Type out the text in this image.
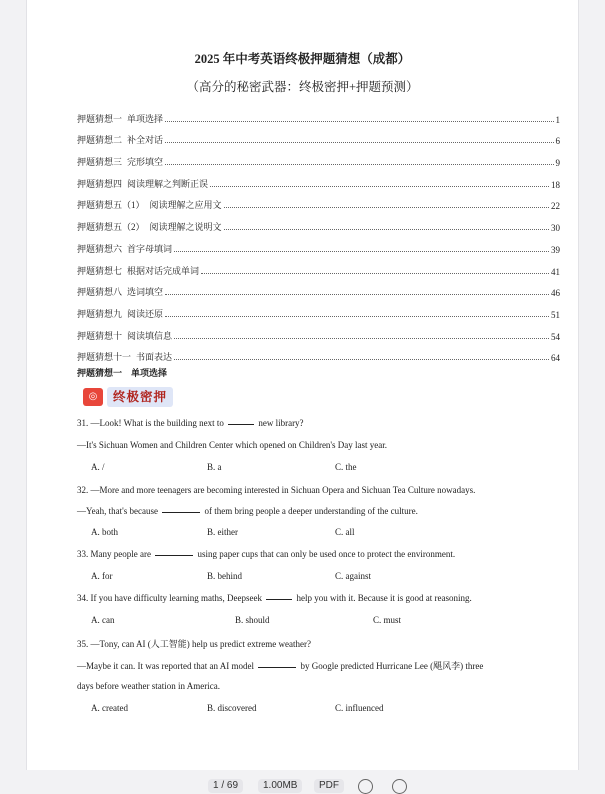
2025 年中考英语终极押题猜想（成都）
（高分的秘密武器：终极密押+押题预测）
押题猜想一 单项选择	1
押题猜想二 补全对话	6
押题猜想三 完形填空	9
押题猜想四 阅读理解之判断正误	18
押题猜想五（1） 阅读理解之应用文	22
押题猜想五（2） 阅读理解之说明文	30
押题猜想六 首字母填词	39
押题猜想七 根据对话完成单词	41
押题猜想八 选词填空	46
押题猜想九 阅读还原	51
押题猜想十 阅读填信息	54
押题猜想十一 书面表达	64
押题猜想一　单项选择
◎	终极密押
31. —Look! What is the building next to	new library?
—It's Sichuan Women and Children Center which opened on Children's Day last year.
A. /	B. a	C. the
32. —More and more teenagers are becoming interested in Sichuan Opera and Sichuan Tea Culture nowadays.
—Yeah, that's because	of them bring people a deeper understanding of the culture.
A. both	B. either	C. all
33. Many people are	using paper cups that can only be used once to protect the environment.
A. for	B. behind	C. against
34. If you have difficulty learning maths, Deepseek	help you with it. Because it is good at reasoning.
A. can	B. should	C. must
35. —Tony, can AI (人工智能) help us predict extreme weather?
—Maybe it can. It was reported that an AI model	by Google predicted Hurricane Lee (飓风李) three
days before weather station in America.
A. created	B. discovered	C. influenced
1 / 69	1.00MB	PDF
